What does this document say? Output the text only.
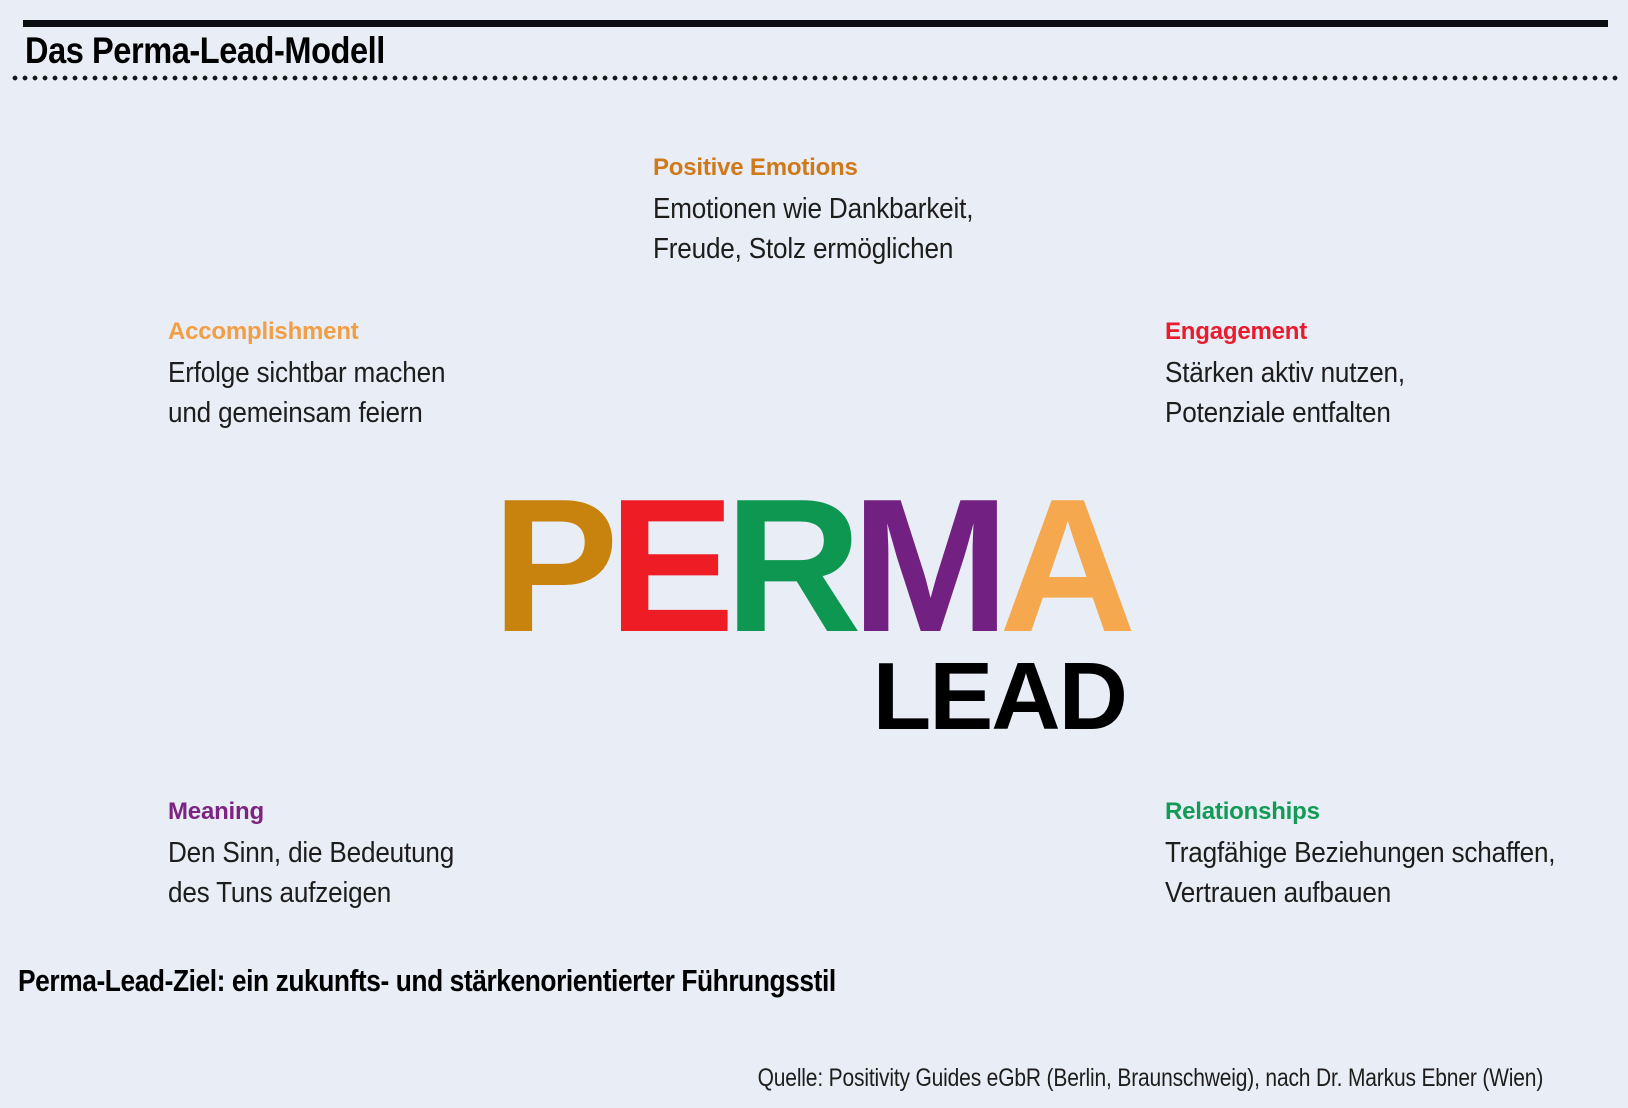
Das Perma-Lead-Modell
Positive Emotions
Emotionen wie Dankbarkeit,
Freude, Stolz ermöglichen
Accomplishment
Erfolge sichtbar machen
und gemeinsam feiern
Engagement
Stärken aktiv nutzen,
Potenziale entfalten
PERMA
LEAD
Meaning
Den Sinn, die Bedeutung
des Tuns aufzeigen
Relationships
Tragfähige Beziehungen schaffen,
Vertrauen aufbauen
Perma-Lead-Ziel: ein zukunfts- und stärkenorientierter Führungsstil
Quelle: Positivity Guides eGbR (Berlin, Braunschweig), nach Dr. Markus Ebner (Wien)
